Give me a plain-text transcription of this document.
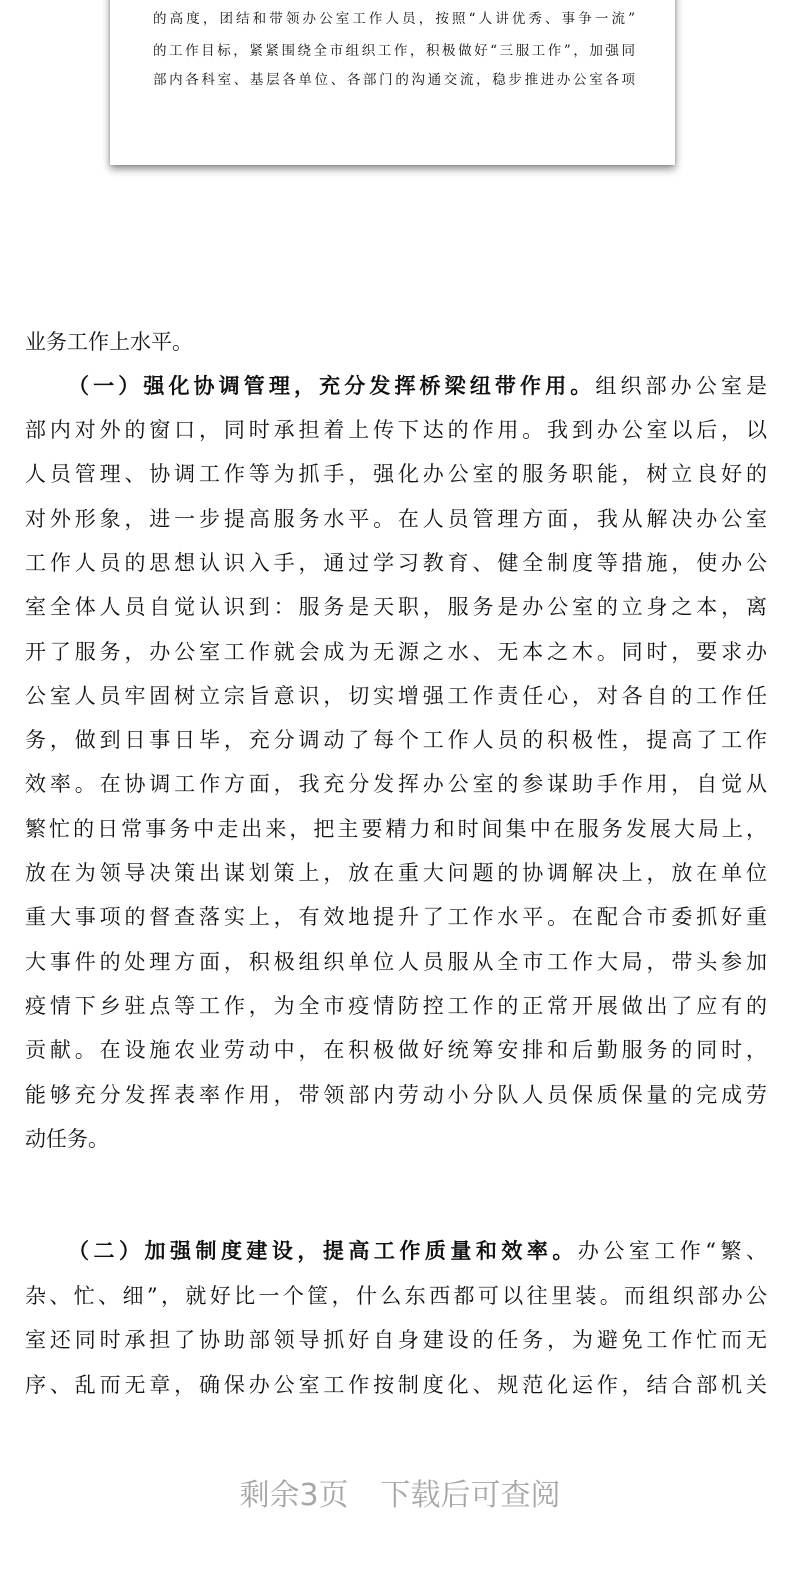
的高度，团结和带领办公室工作人员，按照“人讲优秀、事争一流”
的工作目标，紧紧围绕全市组织工作，积极做好“三服工作”，加强同
部内各科室、基层各单位、各部门的沟通交流，稳步推进办公室各项
业务工作上水平。
（一）强化协调管理，充分发挥桥梁纽带作用。组织部办公室是
部内对外的窗口，同时承担着上传下达的作用。我到办公室以后，以
人员管理、协调工作等为抓手，强化办公室的服务职能，树立良好的
对外形象，进一步提高服务水平。在人员管理方面，我从解决办公室
工作人员的思想认识入手，通过学习教育、健全制度等措施，使办公
室全体人员自觉认识到：服务是天职，服务是办公室的立身之本，离
开了服务，办公室工作就会成为无源之水、无本之木。同时，要求办
公室人员牢固树立宗旨意识，切实增强工作责任心，对各自的工作任
务，做到日事日毕，充分调动了每个工作人员的积极性，提高了工作
效率。在协调工作方面，我充分发挥办公室的参谋助手作用，自觉从
繁忙的日常事务中走出来，把主要精力和时间集中在服务发展大局上，
放在为领导决策出谋划策上，放在重大问题的协调解决上，放在单位
重大事项的督查落实上，有效地提升了工作水平。在配合市委抓好重
大事件的处理方面，积极组织单位人员服从全市工作大局，带头参加
疫情下乡驻点等工作，为全市疫情防控工作的正常开展做出了应有的
贡献。在设施农业劳动中，在积极做好统筹安排和后勤服务的同时，
能够充分发挥表率作用，带领部内劳动小分队人员保质保量的完成劳
动任务。
（二）加强制度建设，提高工作质量和效率。办公室工作“繁、
杂、忙、细”，就好比一个筐，什么东西都可以往里装。而组织部办公
室还同时承担了协助部领导抓好自身建设的任务，为避免工作忙而无
序、乱而无章，确保办公室工作按制度化、规范化运作，结合部机关
剩余3页 下载后可查阅
